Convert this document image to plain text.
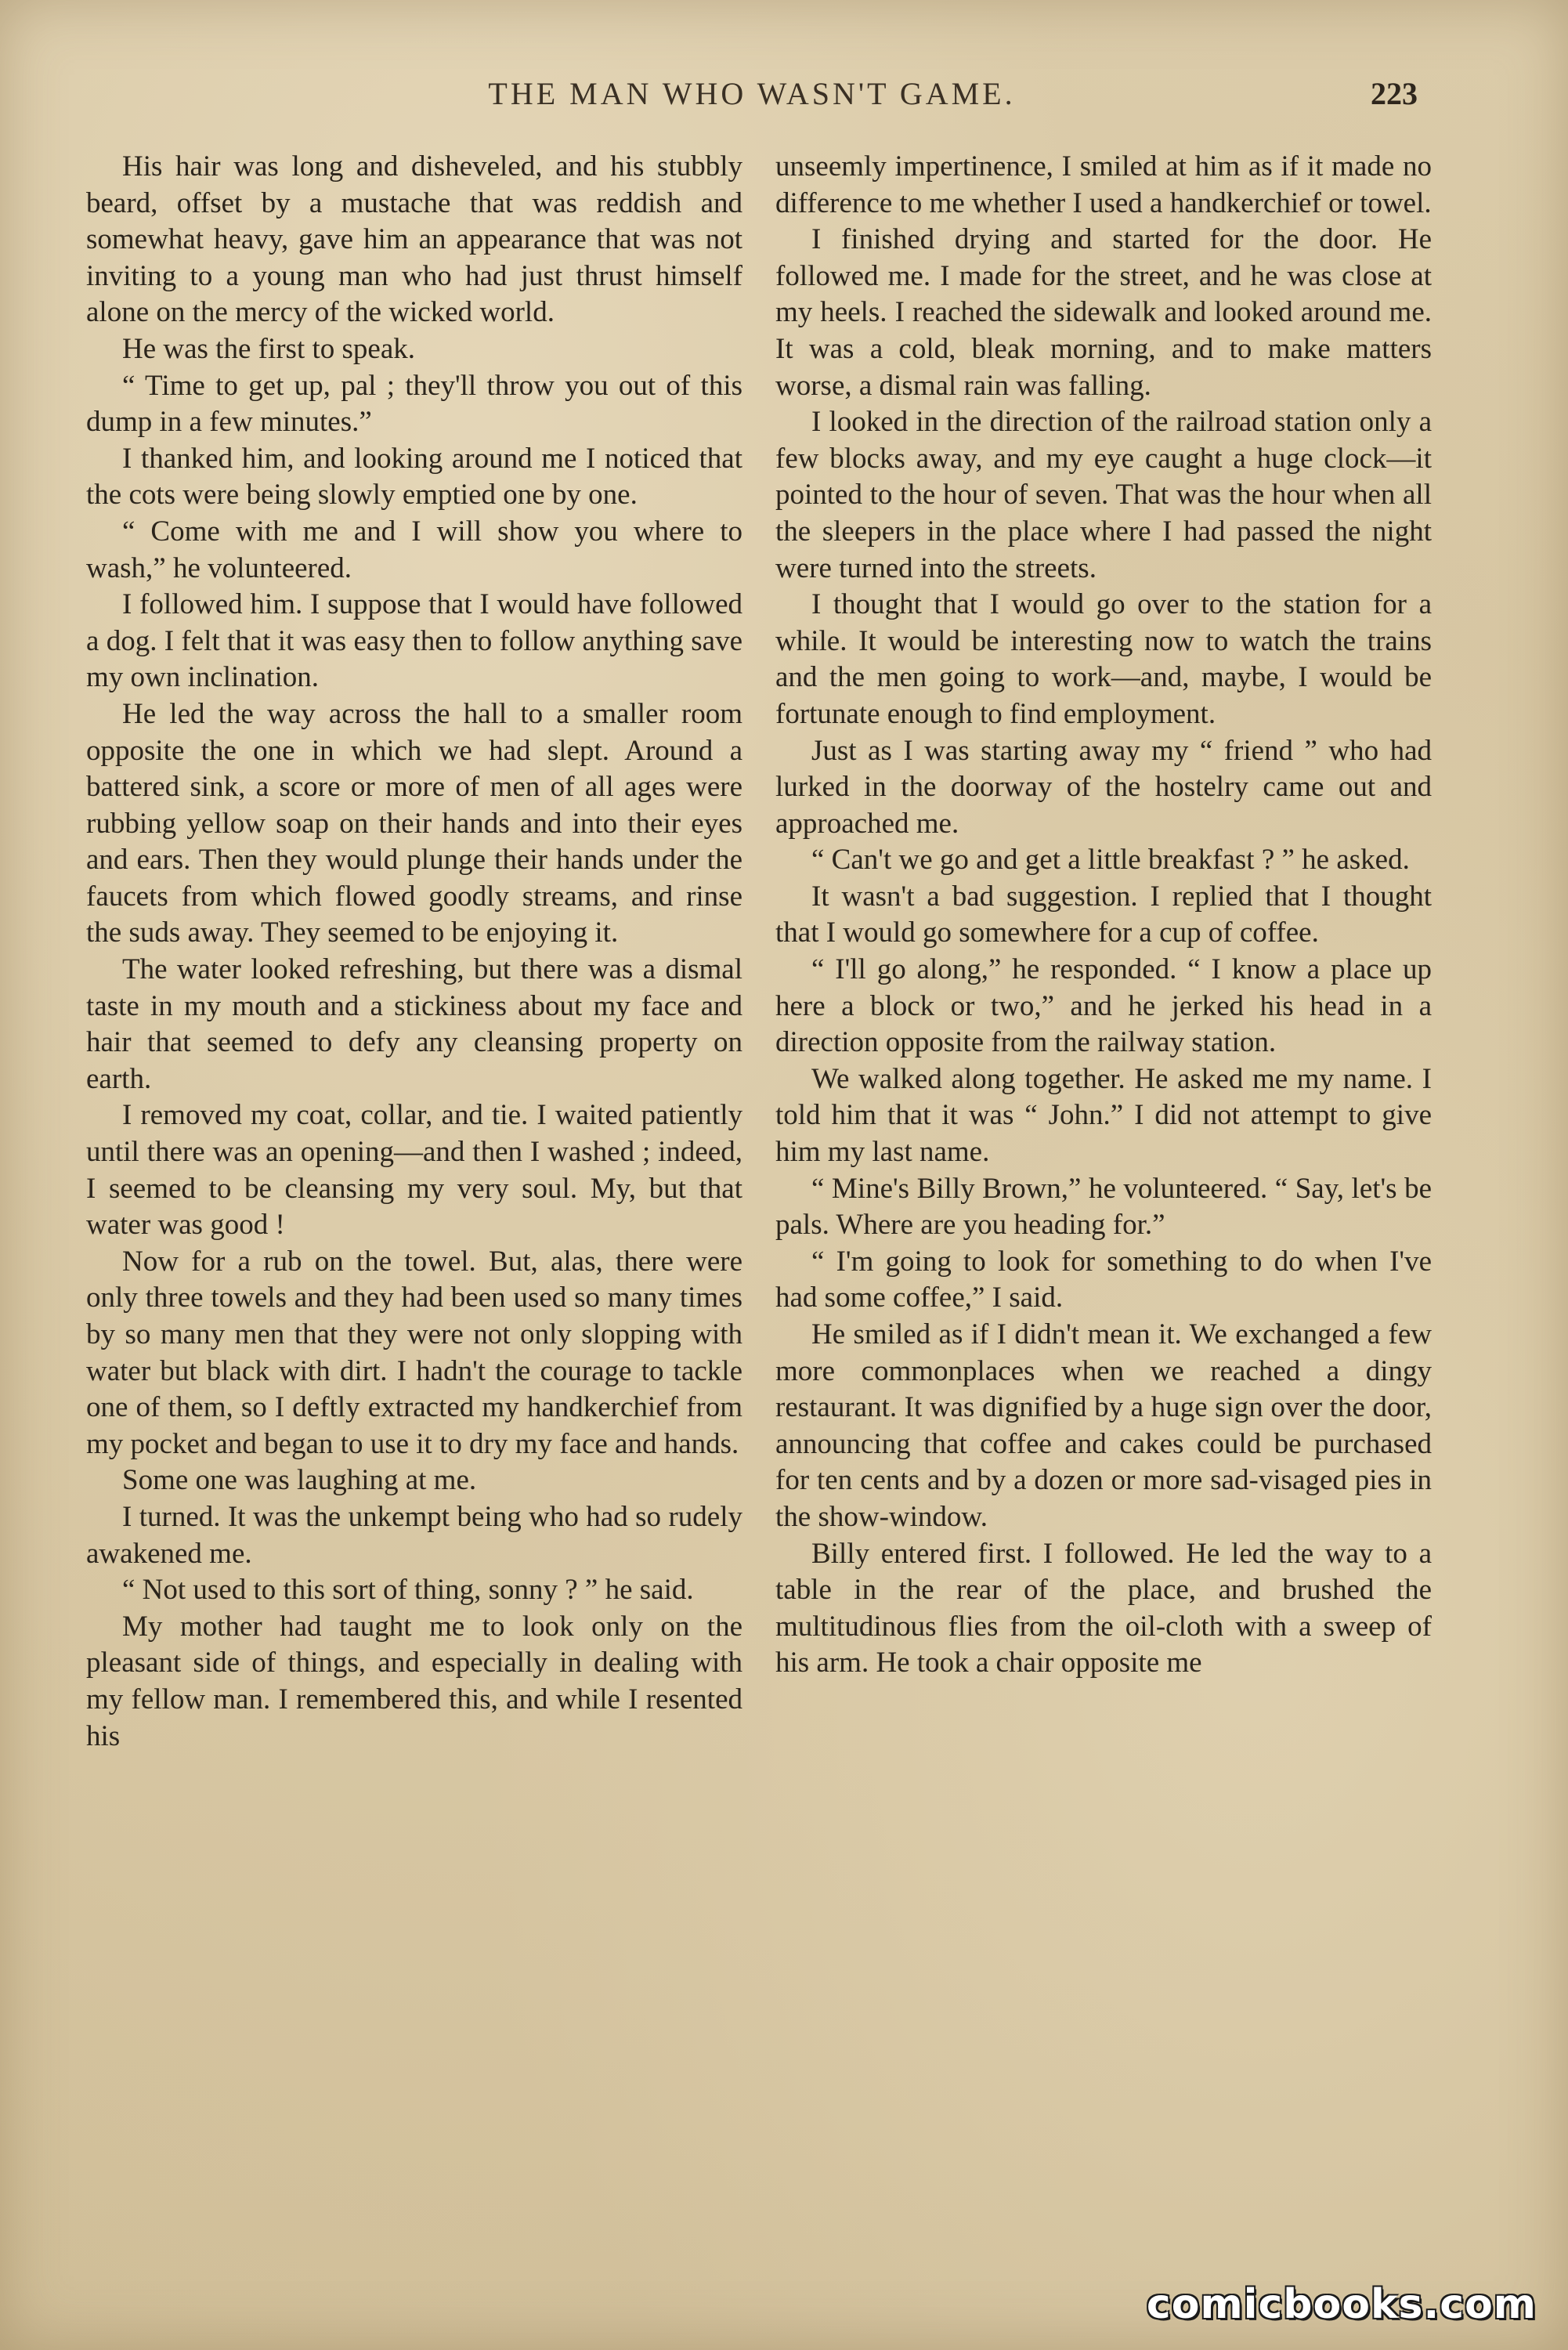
THE MAN WHO WASN'T GAME.	223

His hair was long and disheveled, and his stubbly beard, offset by a mustache that was reddish and somewhat heavy, gave him an appearance that was not inviting to a young man who had just thrust himself alone on the mercy of the wicked world.

He was the first to speak.

“ Time to get up, pal ; they'll throw you out of this dump in a few minutes.”

I thanked him, and looking around me I noticed that the cots were being slowly emptied one by one.

“ Come with me and I will show you where to wash,” he volunteered.

I followed him. I suppose that I would have followed a dog. I felt that it was easy then to follow anything save my own inclination.

He led the way across the hall to a smaller room opposite the one in which we had slept. Around a battered sink, a score or more of men of all ages were rubbing yellow soap on their hands and into their eyes and ears. Then they would plunge their hands under the faucets from which flowed goodly streams, and rinse the suds away. They seemed to be enjoying it.

The water looked refreshing, but there was a dismal taste in my mouth and a stickiness about my face and hair that seemed to defy any cleansing property on earth.

I removed my coat, collar, and tie. I waited patiently until there was an opening—and then I washed ; indeed, I seemed to be cleansing my very soul. My, but that water was good !

Now for a rub on the towel. But, alas, there were only three towels and they had been used so many times by so many men that they were not only slopping with water but black with dirt. I hadn't the courage to tackle one of them, so I deftly extracted my handkerchief from my pocket and began to use it to dry my face and hands.

Some one was laughing at me.

I turned. It was the unkempt being who had so rudely awakened me.

“ Not used to this sort of thing, sonny ? ” he said.

My mother had taught me to look only on the pleasant side of things, and especially in dealing with my fellow man. I remembered this, and while I resented his

unseemly impertinence, I smiled at him as if it made no difference to me whether I used a handkerchief or towel.

I finished drying and started for the door. He followed me. I made for the street, and he was close at my heels. I reached the sidewalk and looked around me. It was a cold, bleak morning, and to make matters worse, a dismal rain was falling.

I looked in the direction of the railroad station only a few blocks away, and my eye caught a huge clock—it pointed to the hour of seven. That was the hour when all the sleepers in the place where I had passed the night were turned into the streets.

I thought that I would go over to the station for a while. It would be interesting now to watch the trains and the men going to work—and, maybe, I would be fortunate enough to find employment.

Just as I was starting away my “ friend ” who had lurked in the doorway of the hostelry came out and approached me.

“ Can't we go and get a little breakfast ? ” he asked.

It wasn't a bad suggestion. I replied that I thought that I would go somewhere for a cup of coffee.

“ I'll go along,” he responded. “ I know a place up here a block or two,” and he jerked his head in a direction opposite from the railway station.

We walked along together. He asked me my name. I told him that it was “ John.” I did not attempt to give him my last name.

“ Mine's Billy Brown,” he volunteered. “ Say, let's be pals. Where are you heading for.”

“ I'm going to look for something to do when I've had some coffee,” I said.

He smiled as if I didn't mean it. We exchanged a few more commonplaces when we reached a dingy restaurant. It was dignified by a huge sign over the door, announcing that coffee and cakes could be purchased for ten cents and by a dozen or more sad-visaged pies in the show-window.

Billy entered first. I followed. He led the way to a table in the rear of the place, and brushed the multitudinous flies from the oil-cloth with a sweep of his arm. He took a chair opposite me

comicbooks.com
